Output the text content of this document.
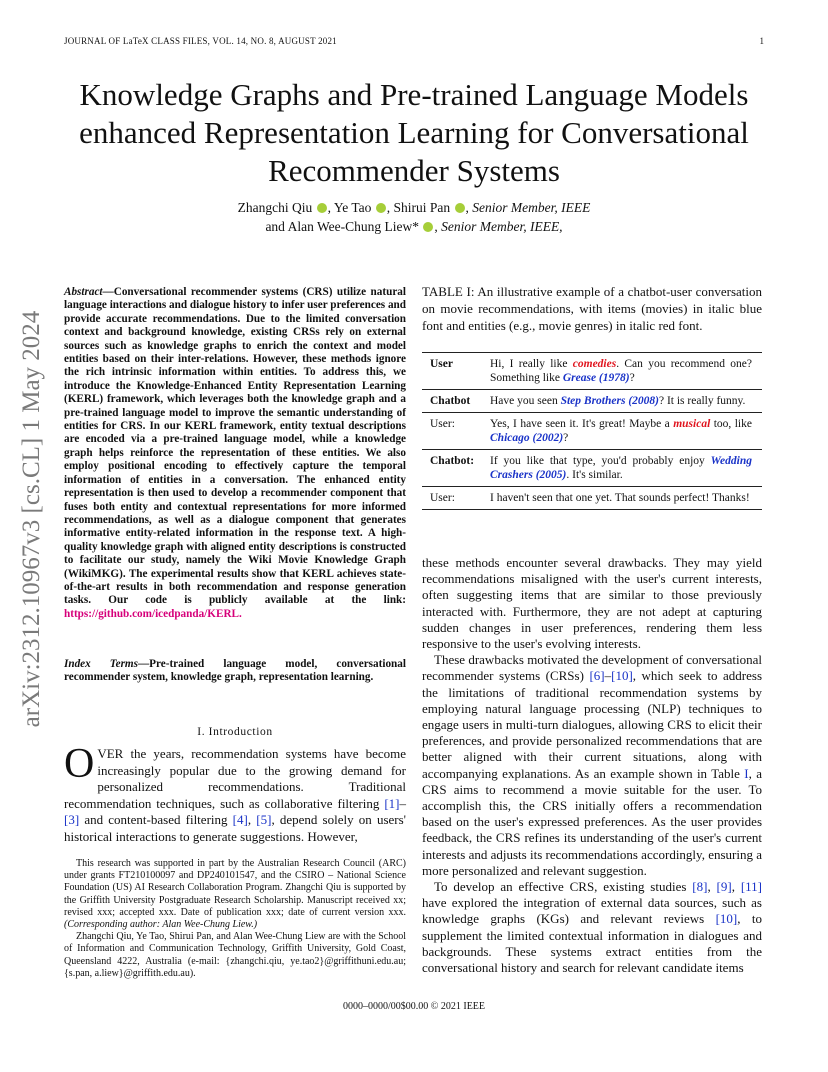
JOURNAL OF LaTeX CLASS FILES, VOL. 14, NO. 8, AUGUST 2021	1
Knowledge Graphs and Pre-trained Language Models enhanced Representation Learning for Conversational Recommender Systems
Zhangchi Qiu , Ye Tao , Shirui Pan , Senior Member, IEEE
and Alan Wee-Chung Liew* , Senior Member, IEEE,
arXiv:2312.10967v3 [cs.CL] 1 May 2024
Abstract—Conversational recommender systems (CRS) utilize natural language interactions and dialogue history to infer user preferences and provide accurate recommendations. Due to the limited conversation context and background knowledge, existing CRSs rely on external sources such as knowledge graphs to enrich the context and model entities based on their inter-relations. However, these methods ignore the rich intrinsic information within entities. To address this, we introduce the Knowledge-Enhanced Entity Representation Learning (KERL) framework, which leverages both the knowledge graph and a pre-trained language model to improve the semantic understanding of entities for CRS. In our KERL framework, entity textual descriptions are encoded via a pre-trained language model, while a knowledge graph helps reinforce the representation of these entities. We also employ positional encoding to effectively capture the temporal information of entities in a conversation. The enhanced entity representation is then used to develop a recommender component that fuses both entity and contextual representations for more informed recommendations, as well as a dialogue component that generates informative entity-related information in the response text. A high-quality knowledge graph with aligned entity descriptions is constructed to facilitate our study, namely the Wiki Movie Knowledge Graph (WikiMKG). The experimental results show that KERL achieves state-of-the-art results in both recommendation and response generation tasks. Our code is publicly available at the link: https://github.com/icedpanda/KERL.
Index Terms—Pre-trained language model, conversational recommender system, knowledge graph, representation learning.
I. Introduction
OVER the years, recommendation systems have become increasingly popular due to the growing demand for personalized recommendations. Traditional recommendation techniques, such as collaborative filtering [1]–[3] and content-based filtering [4], [5], depend solely on users' historical interactions to generate suggestions. However,

This research was supported in part by the Australian Research Council (ARC) under grants FT210100097 and DP240101547, and the CSIRO – National Science Foundation (US) AI Research Collaboration Program. Zhangchi Qiu is supported by the Griffith University Postgraduate Research Scholarship. Manuscript received xx; revised xxx; accepted xxx. Date of publication xxx; date of current version xxx. (Corresponding author: Alan Wee-Chung Liew.)

Zhangchi Qiu, Ye Tao, Shirui Pan, and Alan Wee-Chung Liew are with the School of Information and Communication Technology, Griffith University, Gold Coast, Queensland 4222, Australia (e-mail: {zhangchi.qiu, ye.tao2}@griffithuni.edu.au; {s.pan, a.liew}@griffith.edu.au).

TABLE I: An illustrative example of a chatbot-user conversation on movie recommendations, with items (movies) in italic blue font and entities (e.g., movie genres) in italic red font.
User	Hi, I really like comedies. Can you recommend one? Something like Grease (1978)?
Chatbot	Have you seen Step Brothers (2008)? It is really funny.
User:	Yes, I have seen it. It's great! Maybe a musical too, like Chicago (2002)?
Chatbot:	If you like that type, you'd probably enjoy Wedding Crashers (2005). It's similar.
User:	I haven't seen that one yet. That sounds perfect! Thanks!

these methods encounter several drawbacks. They may yield recommendations misaligned with the user's current interests, often suggesting items that are similar to those previously interacted with. Furthermore, they are not adept at capturing sudden changes in user preferences, rendering them less responsive to the user's evolving interests.

These drawbacks motivated the development of conversational recommender systems (CRSs) [6]–[10], which seek to address the limitations of traditional recommendation systems by employing natural language processing (NLP) techniques to engage users in multi-turn dialogues, allowing CRS to elicit their preferences, and provide personalized recommendations that are better aligned with their current situations, along with accompanying explanations. As an example shown in Table I, a CRS aims to recommend a movie suitable for the user. To accomplish this, the CRS initially offers a recommendation based on the user's expressed preferences. As the user provides feedback, the CRS refines its understanding of the user's current interests and adjusts its recommendations accordingly, ensuring a more personalized and relevant suggestion.

To develop an effective CRS, existing studies [8], [9], [11] have explored the integration of external data sources, such as knowledge graphs (KGs) and relevant reviews [10], to supplement the limited contextual information in dialogues and backgrounds. These systems extract entities from the conversational history and search for relevant candidate items

0000–0000/00$00.00 © 2021 IEEE
